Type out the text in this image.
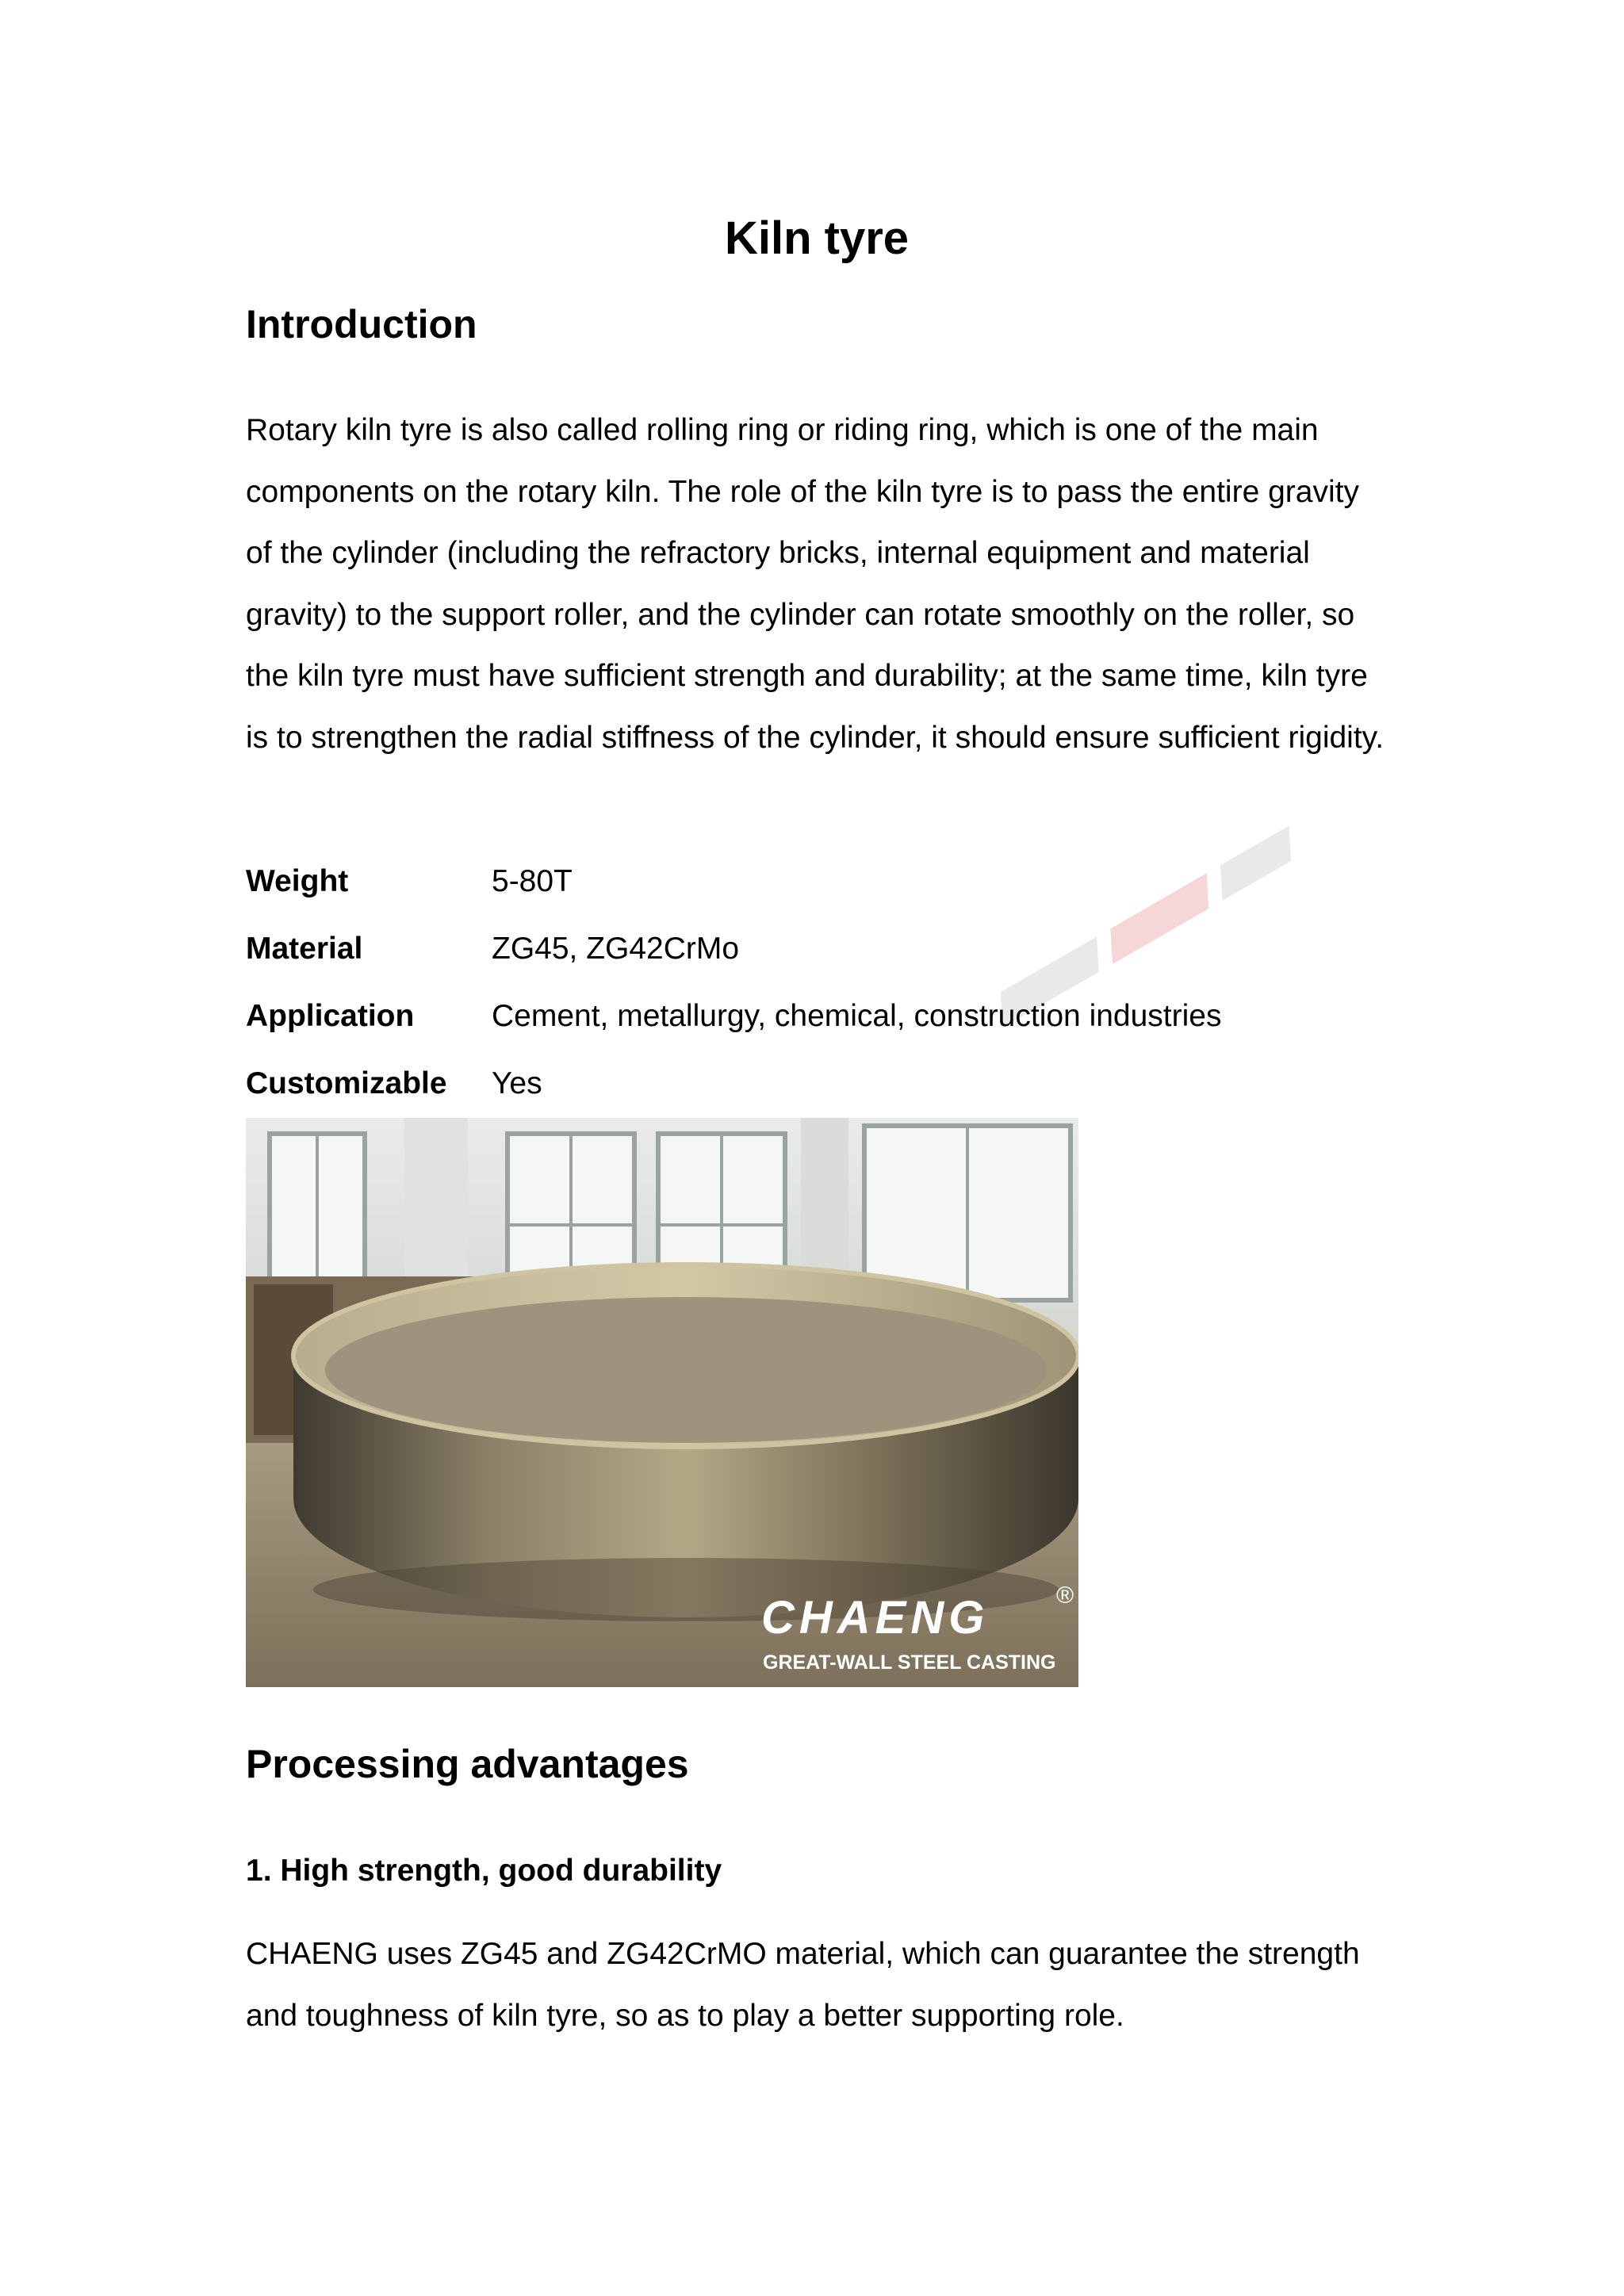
Kiln tyre
Introduction

Rotary kiln tyre is also called rolling ring or riding ring, which is one of the main components on the rotary kiln. The role of the kiln tyre is to pass the entire gravity of the cylinder (including the refractory bricks, internal equipment and material gravity) to the support roller, and the cylinder can rotate smoothly on the roller, so the kiln tyre must have sufficient strength and durability; at the same time, kiln tyre is to strengthen the radial stiffness of the cylinder, it should ensure sufficient rigidity.

Weight	5-80T
Material	ZG45, ZG42CrMo
Application	Cement, metallurgy, chemical, construction industries
Customizable	Yes
Processing advantages
1. High strength, good durability

CHAENG uses ZG45 and ZG42CrMO material, which can guarantee the strength and toughness of kiln tyre, so as to play a better supporting role.

CHAENG	®
GREAT-WALL STEEL CASTING
